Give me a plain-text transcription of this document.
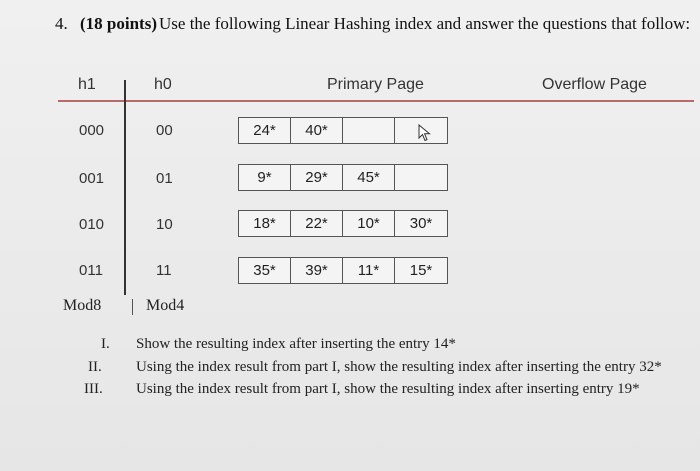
4. (18 points) Use the following Linear Hashing index and answer the questions that follow:
h1	h0	Primary Page	Overflow Page
000	00	24*	40*
001	01	9*	29*	45*
010	10	18*	22*	10*	30*
011	11	35*	39*	11*	15*
Mod8	Mod4
I. Show the resulting index after inserting the entry 14*
II. Using the index result from part I, show the resulting index after inserting the entry 32*
III. Using the index result from part I, show the resulting index after inserting entry 19*
